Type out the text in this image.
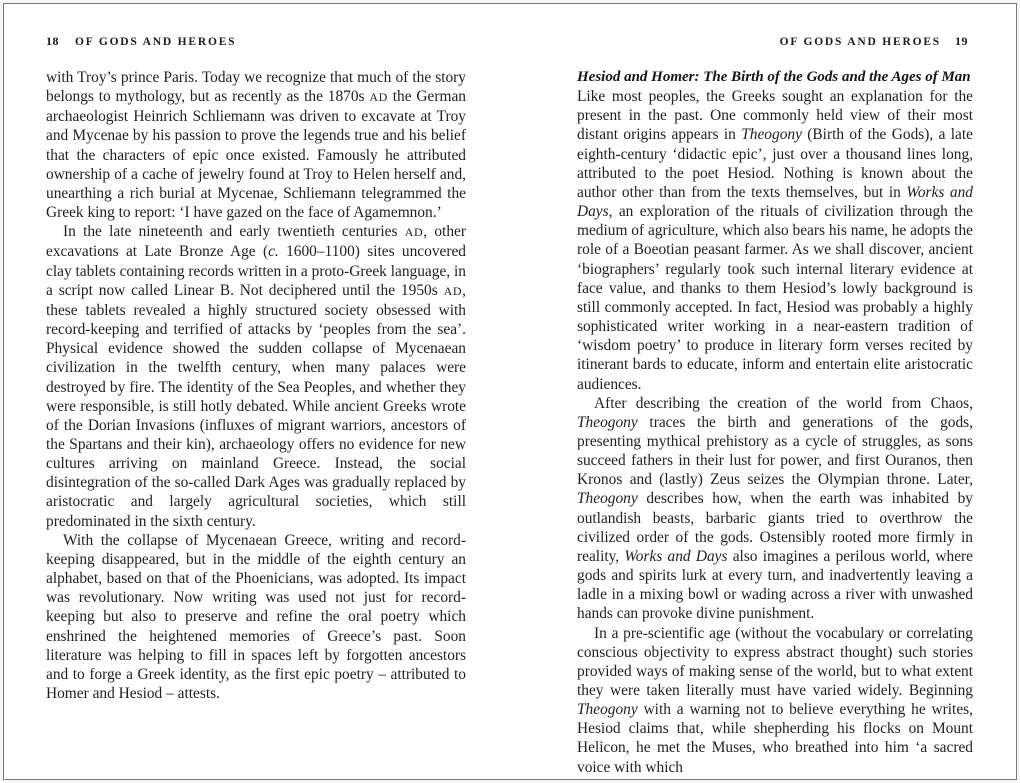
18 OF GODS AND HEROES	OF GODS AND HEROES 19

with Troy’s prince Paris. Today we recognize that much of the story belongs to mythology, but as recently as the 1870s AD the German archaeologist Heinrich Schliemann was driven to excavate at Troy and Mycenae by his passion to prove the legends true and his belief that the characters of epic once existed. Famously he attributed ownership of a cache of jewelry found at Troy to Helen herself and, unearthing a rich burial at Mycenae, Schliemann telegrammed the Greek king to report: ‘I have gazed on the face of Agamemnon.’

In the late nineteenth and early twentieth centuries AD, other excavations at Late Bronze Age (c. 1600–1100) sites uncovered clay tablets containing records written in a proto-Greek language, in a script now called Linear B. Not deciphered until the 1950s AD, these tablets revealed a highly structured society obsessed with record-keeping and terrified of attacks by ‘peoples from the sea’. Physical evidence showed the sudden collapse of Mycenaean civilization in the twelfth century, when many palaces were destroyed by fire. The identity of the Sea Peoples, and whether they were responsible, is still hotly debated. While ancient Greeks wrote of the Dorian Invasions (influxes of migrant warriors, ancestors of the Spartans and their kin), archaeology offers no evidence for new cultures arriving on mainland Greece. Instead, the social disintegration of the so-called Dark Ages was gradually replaced by aristocratic and largely agricultural societies, which still predominated in the sixth century.

With the collapse of Mycenaean Greece, writing and record-keeping disappeared, but in the middle of the eighth century an alphabet, based on that of the Phoenicians, was adopted. Its impact was revolutionary. Now writing was used not just for record-keeping but also to preserve and refine the oral poetry which enshrined the heightened memories of Greece’s past. Soon literature was helping to fill in spaces left by forgotten ancestors and to forge a Greek identity, as the first epic poetry – attributed to Homer and Hesiod – attests.

Hesiod and Homer: The Birth of the Gods and the Ages of Man

Like most peoples, the Greeks sought an explanation for the present in the past. One commonly held view of their most distant origins appears in Theogony (Birth of the Gods), a late eighth-century ‘didactic epic’, just over a thousand lines long, attributed to the poet Hesiod. Nothing is known about the author other than from the texts themselves, but in Works and Days, an exploration of the rituals of civilization through the medium of agriculture, which also bears his name, he adopts the role of a Boeotian peasant farmer. As we shall discover, ancient ‘biographers’ regularly took such internal literary evidence at face value, and thanks to them Hesiod’s lowly background is still commonly accepted. In fact, Hesiod was probably a highly sophisticated writer working in a near-eastern tradition of ‘wisdom poetry’ to produce in literary form verses recited by itinerant bards to educate, inform and entertain elite aristocratic audiences.

After describing the creation of the world from Chaos, Theogony traces the birth and generations of the gods, presenting mythical prehistory as a cycle of struggles, as sons succeed fathers in their lust for power, and first Ouranos, then Kronos and (lastly) Zeus seizes the Olympian throne. Later, Theogony describes how, when the earth was inhabited by outlandish beasts, barbaric giants tried to overthrow the civilized order of the gods. Ostensibly rooted more firmly in reality, Works and Days also imagines a perilous world, where gods and spirits lurk at every turn, and inadvertently leaving a ladle in a mixing bowl or wading across a river with unwashed hands can provoke divine punishment.

In a pre-scientific age (without the vocabulary or correlating conscious objectivity to express abstract thought) such stories provided ways of making sense of the world, but to what extent they were taken literally must have varied widely. Beginning Theogony with a warning not to believe everything he writes, Hesiod claims that, while shepherding his flocks on Mount Helicon, he met the Muses, who breathed into him ‘a sacred voice with which
